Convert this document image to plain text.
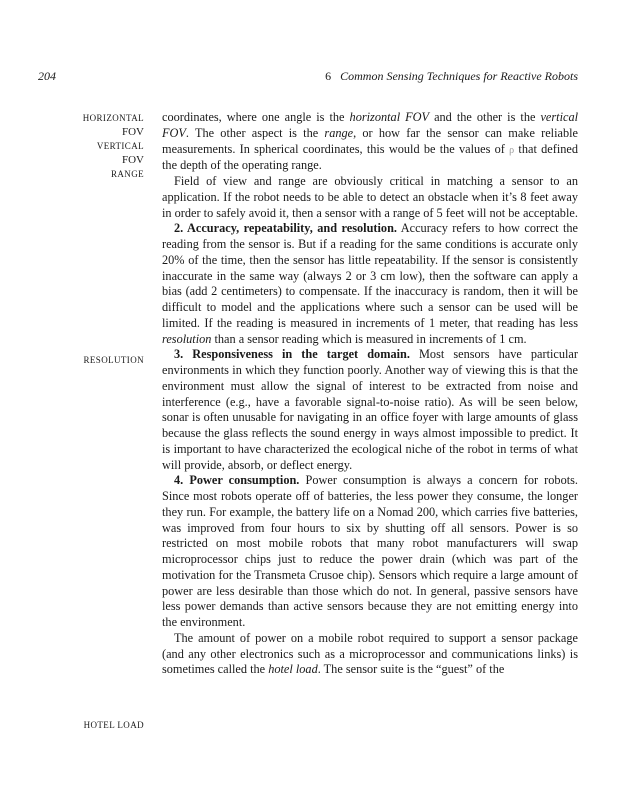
204	6 Common Sensing Techniques for Reactive Robots
HORIZONTAL
FOV
VERTICAL
FOV
RANGE
RESOLUTION
HOTEL LOAD

coordinates, where one angle is the horizontal FOV and the other is the vertical FOV. The other aspect is the range, or how far the sensor can make reliable measurements. In spherical coordinates, this would be the values of ρ that defined the depth of the operating range.

Field of view and range are obviously critical in matching a sensor to an application. If the robot needs to be able to detect an obstacle when it’s 8 feet away in order to safely avoid it, then a sensor with a range of 5 feet will not be acceptable.

2. Accuracy, repeatability, and resolution. Accuracy refers to how correct the reading from the sensor is. But if a reading for the same conditions is accurate only 20% of the time, then the sensor has little repeatability. If the sensor is consistently inaccurate in the same way (always 2 or 3 cm low), then the software can apply a bias (add 2 centimeters) to compensate. If the inaccuracy is random, then it will be difficult to model and the applications where such a sensor can be used will be limited. If the reading is measured in increments of 1 meter, that reading has less resolution than a sensor reading which is measured in increments of 1 cm.

3. Responsiveness in the target domain. Most sensors have particular environments in which they function poorly. Another way of viewing this is that the environment must allow the signal of interest to be extracted from noise and interference (e.g., have a favorable signal-to-noise ratio). As will be seen below, sonar is often unusable for navigating in an office foyer with large amounts of glass because the glass reflects the sound energy in ways almost impossible to predict. It is important to have characterized the ecological niche of the robot in terms of what will provide, absorb, or deflect energy.

4. Power consumption. Power consumption is always a concern for robots. Since most robots operate off of batteries, the less power they consume, the longer they run. For example, the battery life on a Nomad 200, which carries five batteries, was improved from four hours to six by shutting off all sensors. Power is so restricted on most mobile robots that many robot manufacturers will swap microprocessor chips just to reduce the power drain (which was part of the motivation for the Transmeta Crusoe chip). Sensors which require a large amount of power are less desirable than those which do not. In general, passive sensors have less power demands than active sensors because they are not emitting energy into the environment.

The amount of power on a mobile robot required to support a sensor package (and any other electronics such as a microprocessor and communications links) is sometimes called the hotel load. The sensor suite is the “guest” of the
